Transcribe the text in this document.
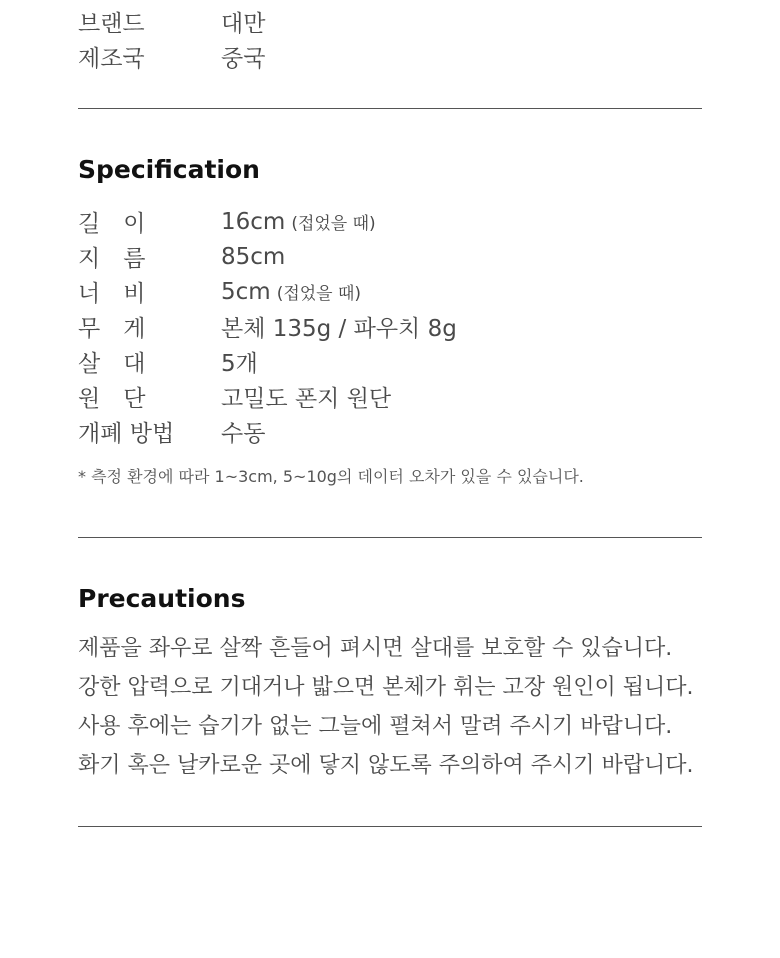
브랜드	대만
제조국	중국
Specification
길　이	16cm (접었을 때)
지　름	85cm
너　비	5cm (접었을 때)
무　게	본체 135g / 파우치 8g
살　대	5개
원　단	고밀도 폰지 원단
개폐 방법	수동
* 측정 환경에 따라 1~3cm, 5~10g의 데이터 오차가 있을 수 있습니다.
Precautions
제품을 좌우로 살짝 흔들어 펴시면 살대를 보호할 수 있습니다.
강한 압력으로 기대거나 밟으면 본체가 휘는 고장 원인이 됩니다.
사용 후에는 습기가 없는 그늘에 펼쳐서 말려 주시기 바랍니다.
화기 혹은 날카로운 곳에 닿지 않도록 주의하여 주시기 바랍니다.
